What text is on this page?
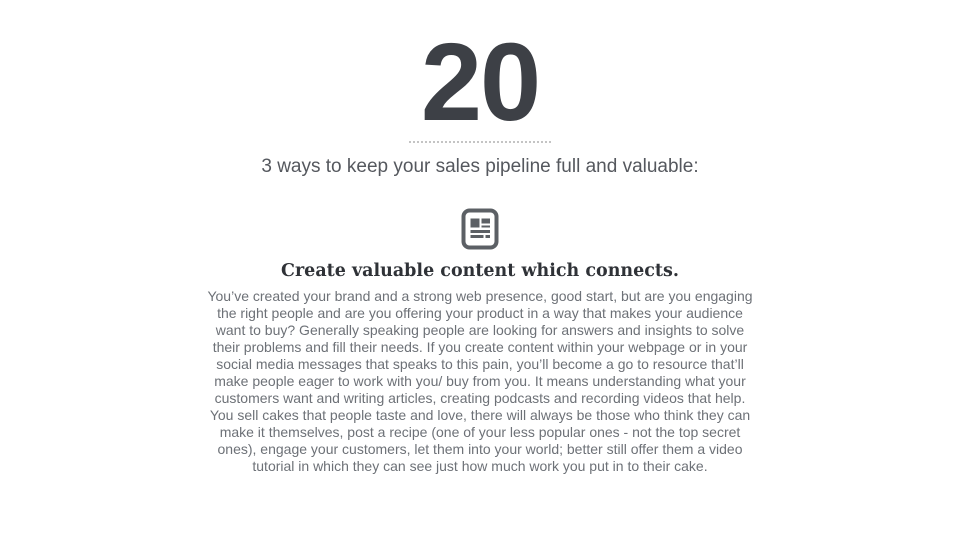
20
3 ways to keep your sales pipeline full and valuable:
Create valuable content which connects.

You’ve created your brand and a strong web presence, good start, but are you engaging the right people and are you offering your product in a way that makes your audience want to buy? Generally speaking people are looking for answers and insights to solve their problems and fill their needs. If you create content within your webpage or in your social media messages that speaks to this pain, you’ll become a go to resource that’ll make people eager to work with you/ buy from you. It means understanding what your customers want and writing articles, creating podcasts and recording videos that help. You sell cakes that people taste and love, there will always be those who think they can make it themselves, post a recipe (one of your less popular ones - not the top secret ones), engage your customers, let them into your world; better still offer them a video tutorial in which they can see just how much work you put in to their cake.
